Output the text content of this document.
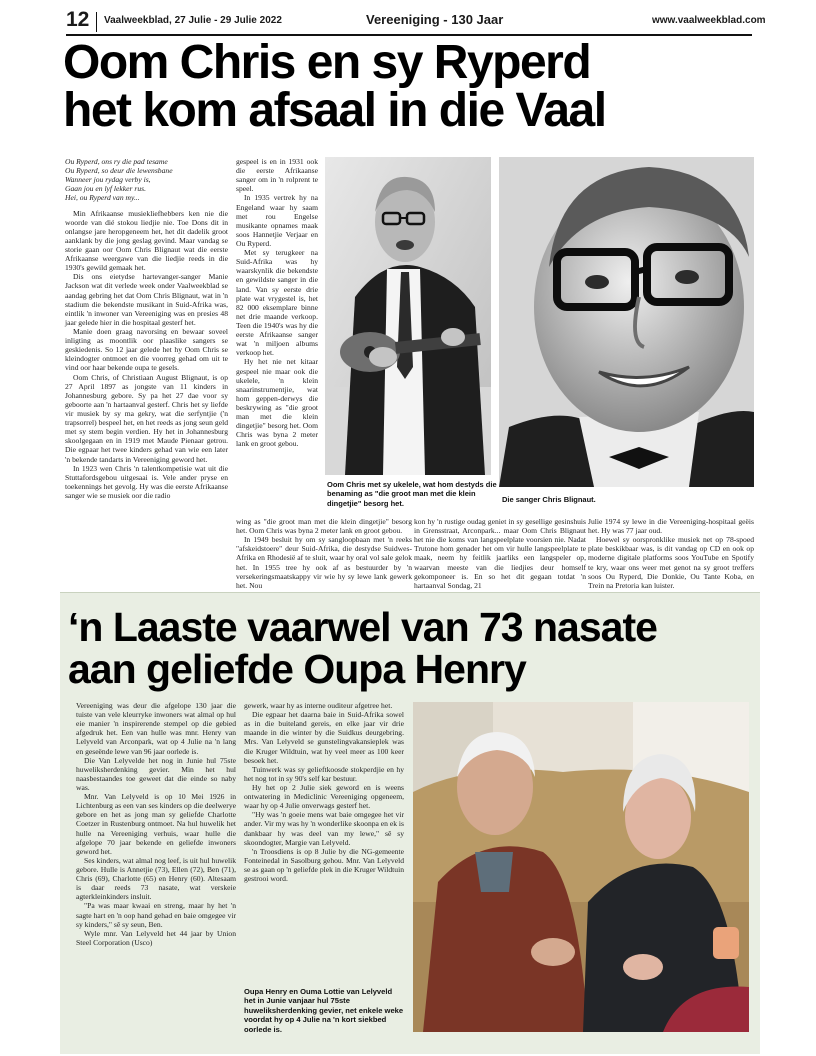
12 Vaalweekblad, 27 Julie - 29 Julie 2022	Vereeniging - 130 Jaar	www.vaalweekblad.com
Oom Chris en sy Ryperd
het kom afsaal in die Vaal
Ou Ryperd, ons ry die pad tesame
Ou Ryperd, so deur die lewensbane
Wanneer jou rydag verby is,
Gaan jou en lyf lekker rus.
Hei, ou Ryperd van my...

Min Afrikaanse musiekliefhebbers ken nie die woorde van dié stokou liedjie nie. Toe Dons dit in onlangse jare heropgeneem het, het dit dadelik groot aanklank by die jong geslag gevind. Maar vandag se storie gaan oor Oom Chris Blignaut wat die eerste Afrikaanse weergawe van die liedjie reeds in die 1930's gewild gemaak het.

Dis ons eietydse hartevanger-sanger Manie Jackson wat dit verlede week onder Vaalweekblad se aandag gebring het dat Oom Chris Blignaut, wat in 'n stadium die bekendste musikant in Suid-Afrika was, eintlik 'n inwoner van Vereeniging was en presies 48 jaar gelede hier in die hospitaal gesterf het.

Manie doen graag navorsing en bewaar soveel inligting as moontlik oor plaaslike sangers se geskiedenis. So 12 jaar gelede het hy Oom Chris se kleindogter ontmoet en die voorreg gehad om uit te vind oor haar bekende oupa te gesels.

Oom Chris, of Christiaan August Blignaut, is op 27 April 1897 as jongste van 11 kinders in Johannesburg gebore. Sy pa het 27 dae voor sy geboorte aan 'n hartaanval gesterf. Chris het sy liefde vir musiek by sy ma gekry, wat die serfyntjie ('n trapsorrel) bespeel het, en het reeds as jong seun geld met sy stem begin verdien. Hy het in Johannesburg skoolgegaan en in 1919 met Maude Pienaar getrou. Die egpaar het twee kinders gehad van wie een later 'n bekende tandarts in Vereeniging geword het.

In 1923 wen Chris 'n talentkompetisie wat uit die Stuttafordsgebou uitgesaai is. Vele ander pryse en toekennings het gevolg. Hy was die eerste Afrikaanse sanger wie se musiek oor die radio

gespeel is en in 1931 ook die eerste Afrikaanse sanger om in 'n rolprent te speel.

In 1935 vertrek hy na Engeland waar hy saam met rou Engelse musikante opnames maak soos Hannetjie Verjaar en Ou Ryperd.

Met sy terugkeer na Suid-Afrika was hy waarskynlik die bekendste en gewildste sanger in die land. Van sy eerste drie plate wat vrygestel is, het 82 000 eksemplare binne net drie maande verkoop. Teen die 1940's was hy die eerste Afrikaanse sanger wat 'n miljoen albums verkoop het.

Hy het nie net kitaar gespeel nie maar ook die ukelele, 'n klein snaarinstrumentjie, wat hom geppen-derwys die beskrywing as "die groot man met die klein dingetjie" besorg het. Oom Chris was byna 2 meter lank en groot gebou.

Oom Chris met sy ukelele, wat hom destyds die benaming as "die groot man met die klein dingetjie" besorg het.	Die sanger Chris Blignaut.

wing as "die groot man met die klein dingetjie" besorg het. Oom Chris was byna 2 meter lank en groot gebou.

In 1949 besluit hy om sy sangloopbaan met 'n reeks "afskeidstoere" deur Suid-Afrika, die destydse Suidwes-Afrika en Rhodesië af te sluit, waar hy oral vol sale gelok het. In 1955 tree hy ook af as bestuurder by 'n versekeringsmaatskappy vir wie hy sy lewe lank gewerk het. Nou

kon hy 'n rustige oudag geniet in sy gesellige gesinshuis in Grensstraat, Arconpark... maar Oom Chris Blignaut het nie die koms van langspeelplate voorsien nie. Nadat Trutone hom genader het om vir hulle langspeelplate te maak, neem hy feitlik jaarliks een langspeler op, waarvan meeste van die liedjies deur homself gekomponeer is. En so het dit gegaan totdat 'n hartaanval Sondag, 21

Julie 1974 sy lewe in die Vereeniging-hospitaal geëis het. Hy was 77 jaar oud.

Hoewel sy oorspronklike musiek net op 78-spoed plate beskikbaar was, is dit vandag op CD en ook op moderne digitale platforms soos YouTube en Spotify te kry, waar ons weer met genot na sy groot treffers soos Ou Ryperd, Die Donkie, Ou Tante Koba, en Trein na Pretoria kan luister.

‘n Laaste vaarwel van 73 nasate
aan geliefde Oupa Henry

Vereeniging was deur die afgelope 130 jaar die tuiste van vele kleurryke inwoners wat almal op hul eie manier 'n inspirerende stempel op die gebied afgedruk het. Een van hulle was mnr. Henry van Lelyveld van Arconpark, wat op 4 Julie na 'n lang en geseënde lewe van 96 jaar oorlede is.

Die Van Lelyvelde het nog in Junie hul 75ste huweliksherdenking gevier. Min het hul naasbestaandes toe geweet dat die einde so naby was.

Mnr. Van Lelyveld is op 10 Mei 1926 in Lichtenburg as een van ses kinders op die deelwerye gebore en het as jong man sy geliefde Charlotte Coetzer in Rustenburg ontmoet. Na hul huwelik het hulle na Vereeniging verhuis, waar hulle die afgelope 70 jaar bekende en geliefde inwoners geword het.

Ses kinders, wat almal nog leef, is uit hul huwelik gebore. Hulle is Annetjie (73), Ellen (72), Ben (71), Chris (69), Charlotte (65) en Henry (60). Altesaam is daar reeds 73 nasate, wat verskeie agterkleinkinders insluit.

"Pa was maar kwaai en streng, maar hy het 'n sagte hart en 'n oop hand gehad en baie omgegee vir sy kinders," sê sy seun, Ben.

Wyle mnr. Van Lelyveld het 44 jaar by Union Steel Corporation (Usco)

gewerk, waar hy as interne ouditeur afgetree het.

Die egpaar het daarna baie in Suid-Afrika sowel as in die buiteland gereis, en elke jaar vir drie maande in die winter by die Suidkus deurgebring. Mrs. Van Lelyveld se gunstelingvakansieplek was die Kruger Wildtuin, wat hy veel meer as 100 keer besoek het.

Tuinwerk was sy gelieftkoosde stokperdjie en hy het nog tot in sy 90's self kar bestuur.

Hy het op 2 Julie siek geword en is weens ontwatering in Mediclinic Vereeniging opgeneem, waar hy op 4 Julie onverwags gesterf het.

"Hy was 'n goeie mens wat baie omgegee het vir ander. Vir my was hy 'n wonderlike skoonpa en ek is dankbaar hy was deel van my lewe," sê sy skoondogter, Margie van Lelyveld.

'n Troosdiens is op 8 Julie by die NG-gemeente Fonteinedal in Sasolburg gehou. Mnr. Van Lelyveld se as gaan op 'n geliefde plek in die Kruger Wildtuin gestrooi word.

Oupa Henry en Ouma Lottie van Lelyveld het in Junie vanjaar hul 75ste huweliksherdenking gevier, net enkele weke voordat hy op 4 Julie na 'n kort siekbed oorlede is.
